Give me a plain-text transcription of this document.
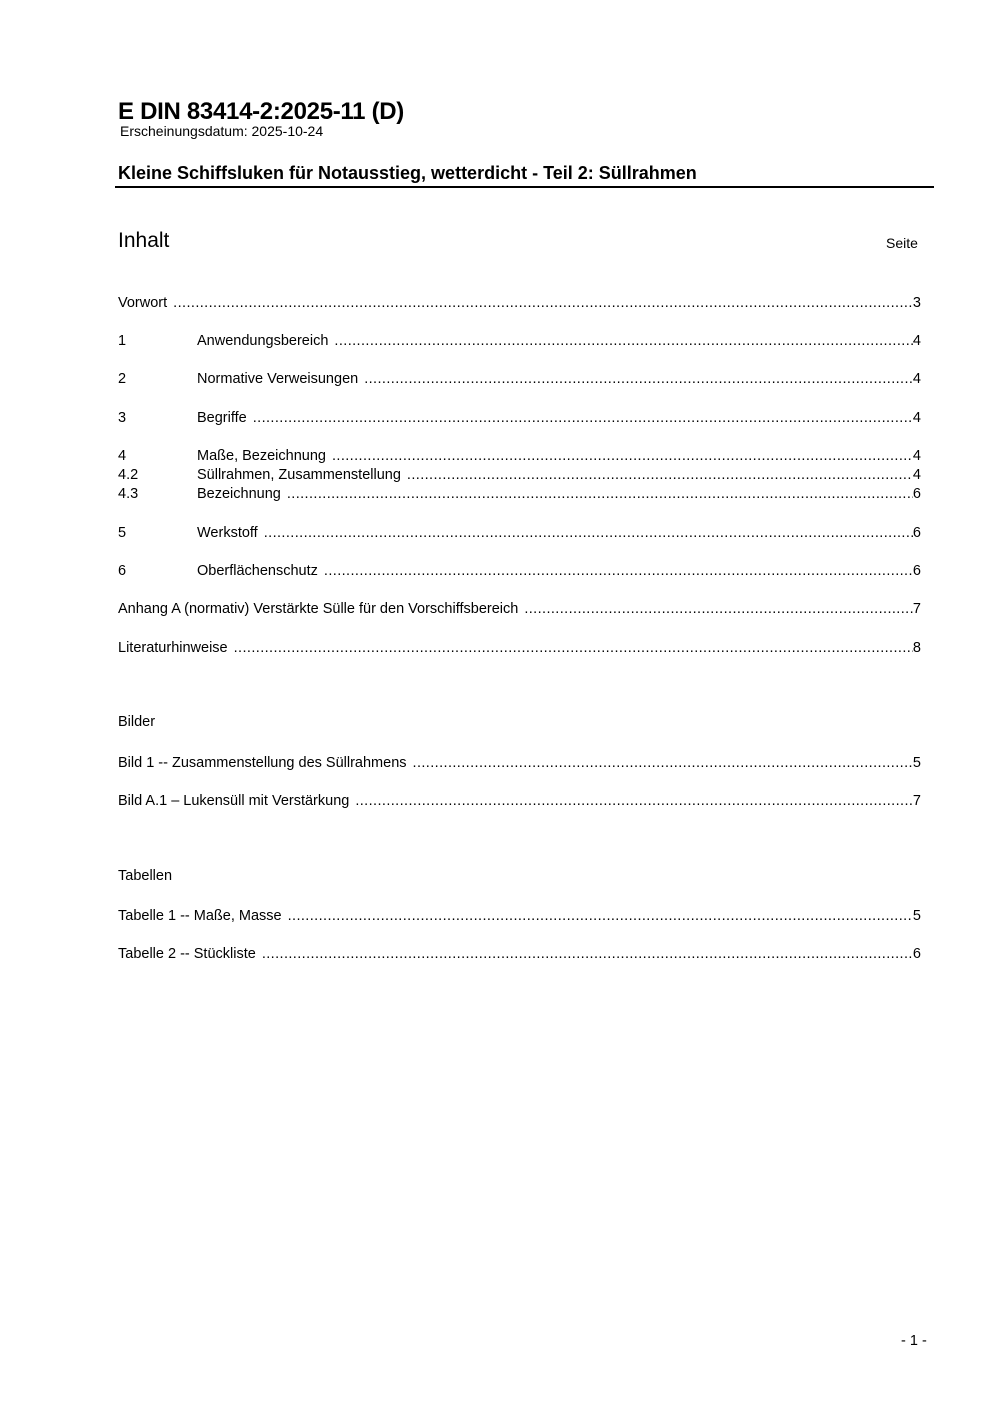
E DIN 83414-2:2025-11 (D)
Erscheinungsdatum: 2025-10-24
Kleine Schiffsluken für Notausstieg, wetterdicht - Teil 2: Süllrahmen
Inhalt	Seite
Vorwort .....	3
1	Anwendungsbereich .....	4
2	Normative Verweisungen .....	4
3	Begriffe .....	4
4	Maße, Bezeichnung .....	4
4.2	Süllrahmen, Zusammenstellung .....	4
4.3	Bezeichnung .....	6
5	Werkstoff .....	6
6	Oberflächenschutz .....	6
Anhang A (normativ) Verstärkte Sülle für den Vorschiffsbereich .....	7
Literaturhinweise .....	8
Bilder
Bild 1 -- Zusammenstellung des Süllrahmens .....	5
Bild A.1 – Lukensüll mit Verstärkung .....	7
Tabellen
Tabelle 1 -- Maße, Masse .....	5
Tabelle 2 -- Stückliste .....	6
- 1 -
